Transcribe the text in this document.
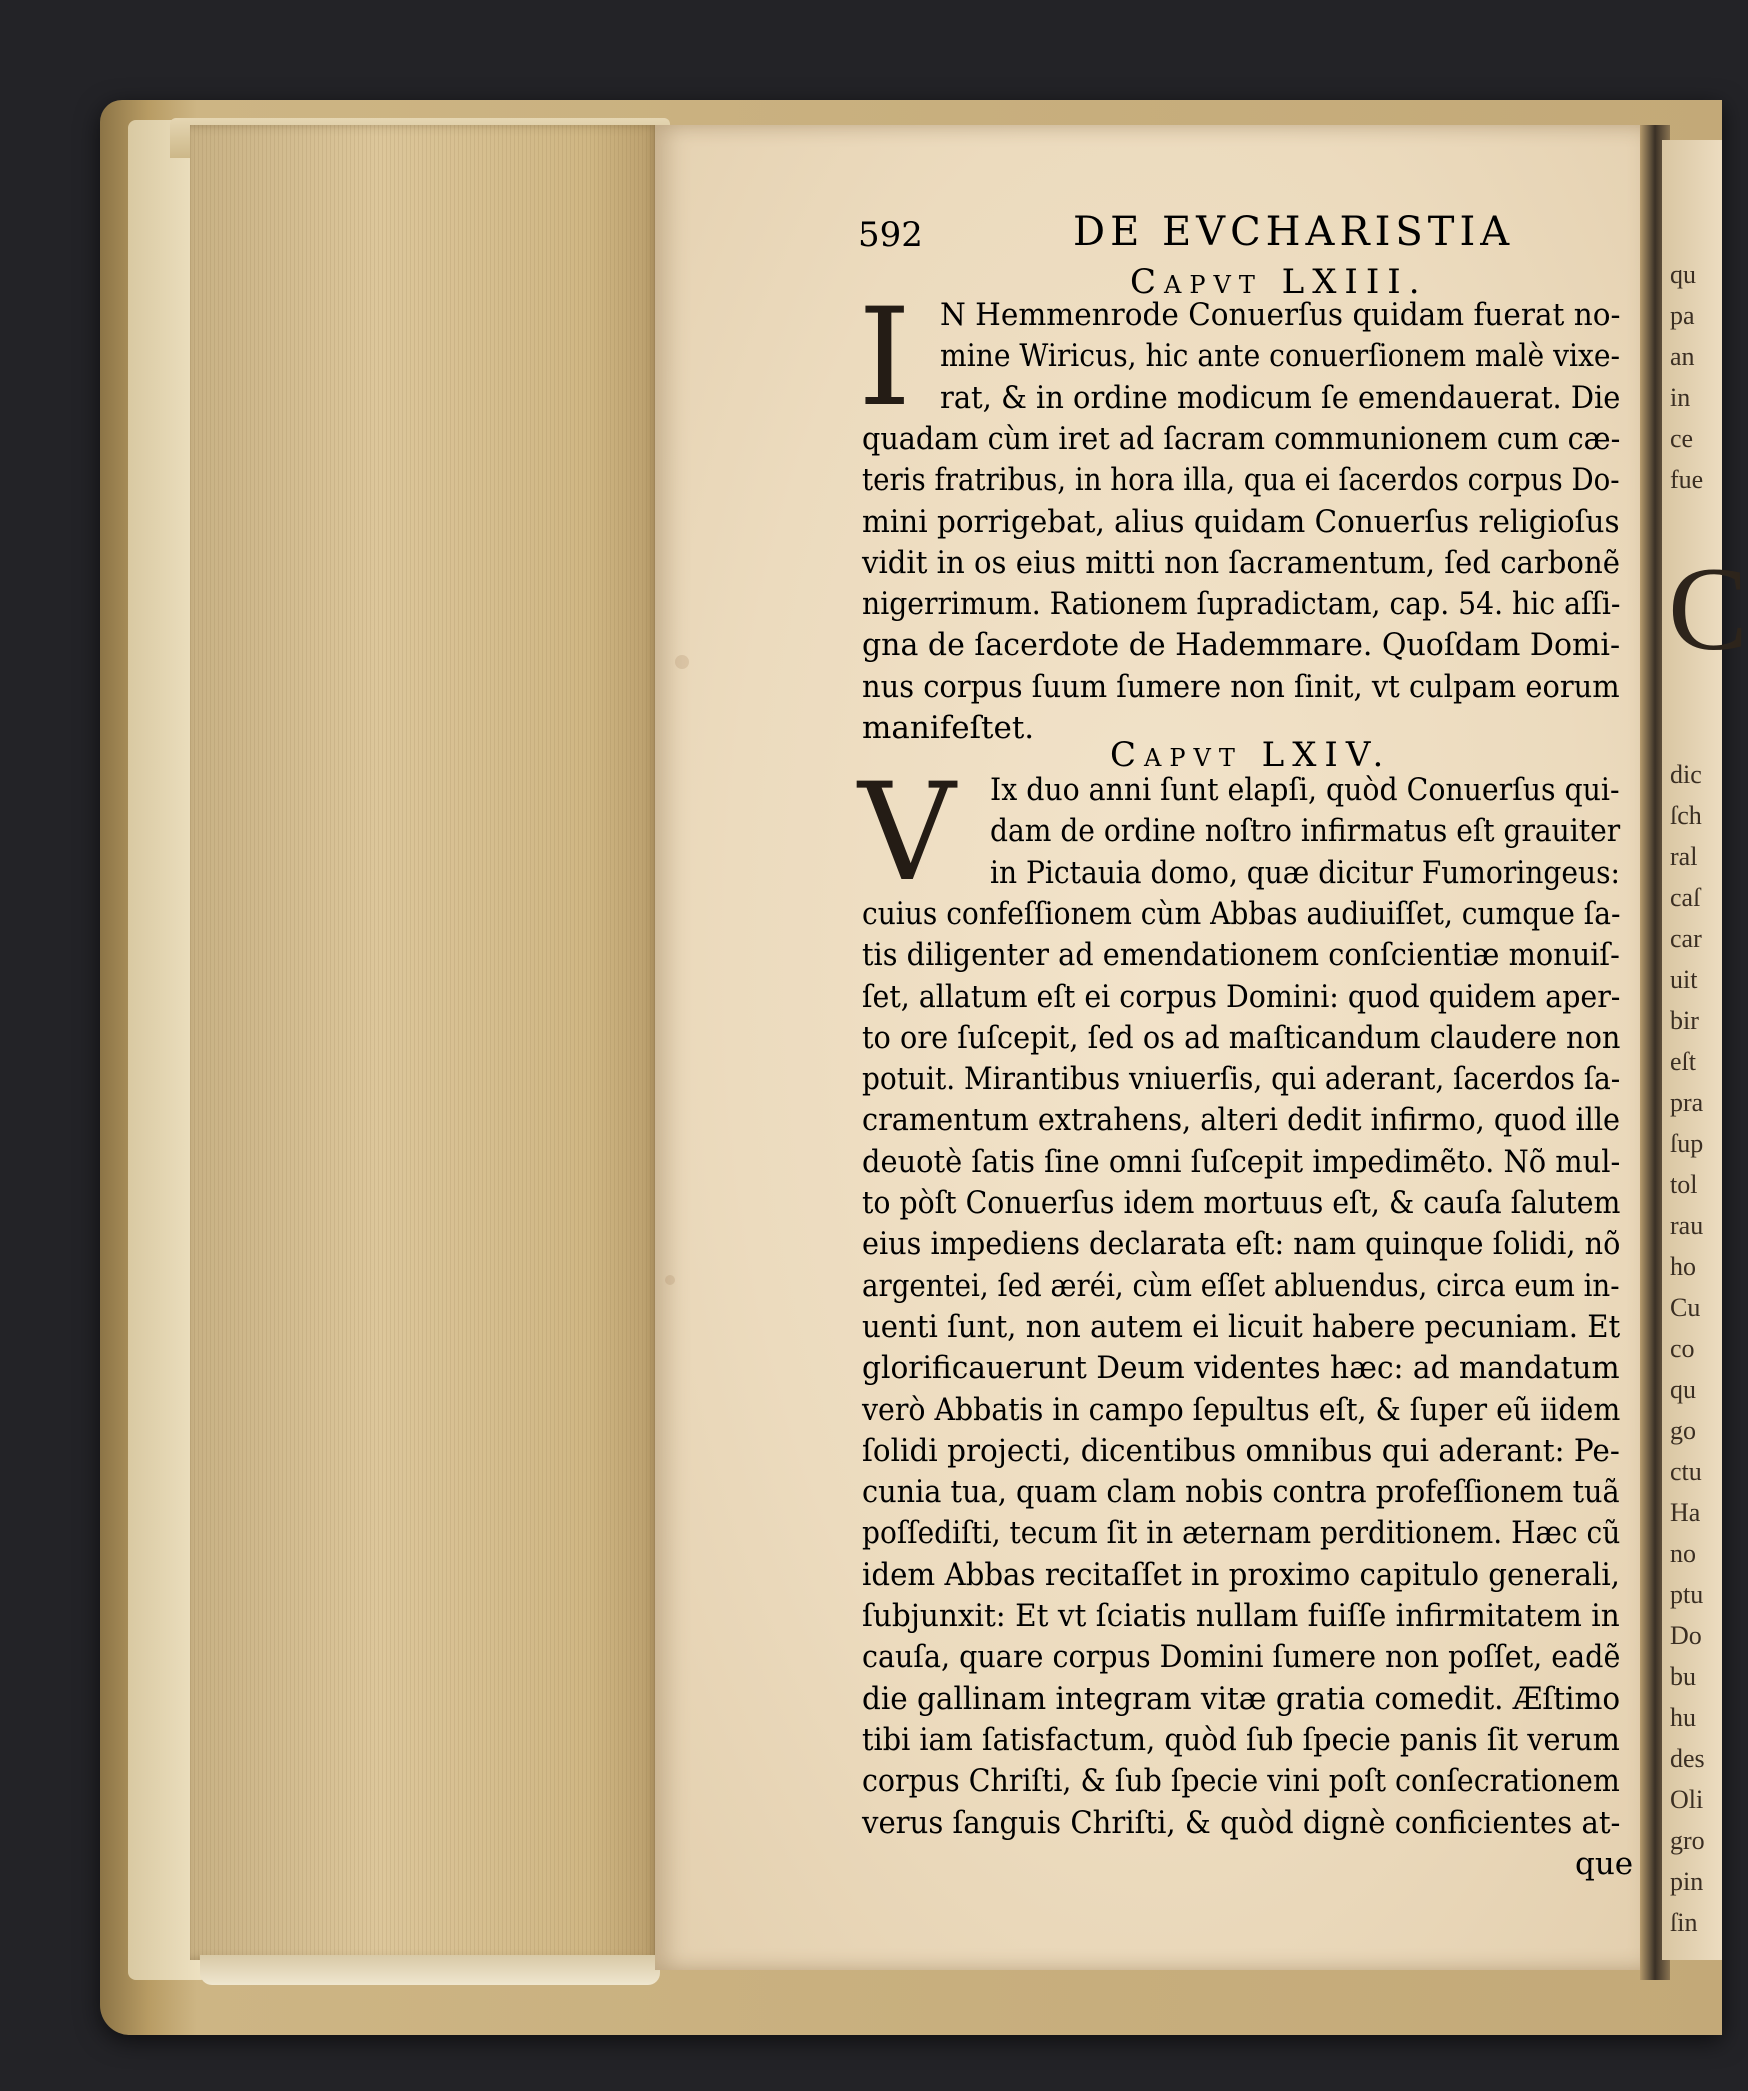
qu
pa
an
in
ce
fue
C
dic
ſch
ral
caſ
car
uit
bir
eſt
pra
ſup
tol
rau
ho
Cu
co
qu
go
ctu
Ha
no
ptu
Do
bu
hu
des
Oli
gro
pin
ſin
592	DE EVCHARISTIA
Capvt LXIII.
I N Hemmenrode Conuerſus quidam fuerat no-
mine Wiricus, hic ante conuerſionem malè vixe-
rat, & in ordine modicum ſe emendauerat. Die
quadam cùm iret ad ſacram communionem cum cæ-
teris fratribus, in hora illa, qua ei ſacerdos corpus Do-
mini porrigebat, alius quidam Conuerſus religioſus
vidit in os eius mitti non ſacramentum, ſed carbonẽ
nigerrimum. Rationem ſupradictam, cap. 54. hic aſſi-
gna de ſacerdote de Hademmare. Quoſdam Domi-
nus corpus ſuum ſumere non ſinit, vt culpam eorum
manifeſtet.
Capvt LXIV.
V Ix duo anni ſunt elapſi, quòd Conuerſus qui-
dam de ordine noſtro infirmatus eſt grauiter
in Pictauia domo, quæ dicitur Fumoringeus:
cuius confeſſionem cùm Abbas audiuiſſet, cumque ſa-
tis diligenter ad emendationem conſcientiæ monuiſ-
ſet, allatum eſt ei corpus Domini: quod quidem aper-
to ore ſuſcepit, ſed os ad maſticandum claudere non
potuit. Mirantibus vniuerſis, qui aderant, ſacerdos ſa-
cramentum extrahens, alteri dedit infirmo, quod ille
deuotè ſatis ſine omni ſuſcepit impedimẽto. Nõ mul-
to pòſt Conuerſus idem mortuus eſt, & cauſa ſalutem
eius impediens declarata eſt: nam quinque ſolidi, nõ
argentei, ſed æréi, cùm eſſet abluendus, circa eum in-
uenti ſunt, non autem ei licuit habere pecuniam. Et
glorificauerunt Deum videntes hæc: ad mandatum
verò Abbatis in campo ſepultus eſt, & ſuper eũ iidem
ſolidi projecti, dicentibus omnibus qui aderant: Pe-
cunia tua, quam clam nobis contra profeſſionem tuã
poſſediſti, tecum ſit in æternam perditionem. Hæc cũ
idem Abbas recitaſſet in proximo capitulo generali,
ſubjunxit: Et vt ſciatis nullam fuiſſe infirmitatem in
cauſa, quare corpus Domini ſumere non poſſet, eadẽ
die gallinam integram vitæ gratia comedit. Æſtimo
tibi iam ſatisfactum, quòd ſub ſpecie panis ſit verum
corpus Chriſti, & ſub ſpecie vini poſt conſecrationem
verus ſanguis Chriſti, & quòd dignè conficientes at-
que
